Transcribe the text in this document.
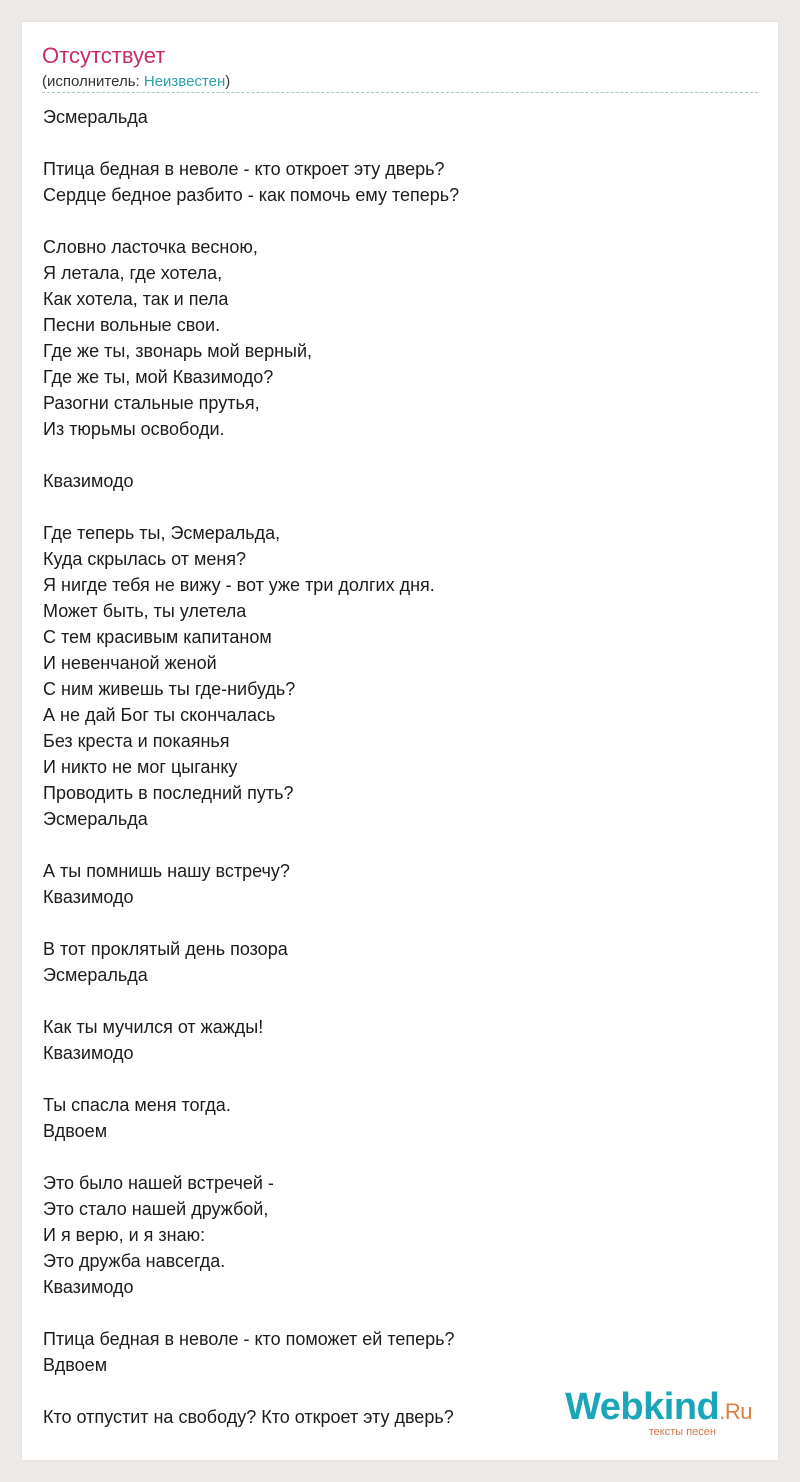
Отсутствует
(исполнитель: Неизвестен)
Эсмеральда
Птица бедная в неволе - кто откроет эту дверь?
Сердце бедное разбито - как помочь ему теперь?
Словно ласточка весною,
Я летала, где хотела,
Как хотела, так и пела
Песни вольные свои.
Где же ты, звонарь мой верный,
Где же ты, мой Квазимодо?
Разогни стальные прутья,
Из тюрьмы освободи.
Квазимодо
Где теперь ты, Эсмеральда,
Куда скрылась от меня?
Я нигде тебя не вижу - вот уже три долгих дня.
Может быть, ты улетела
С тем красивым капитаном
И невенчаной женой
С ним живешь ты где-нибудь?
А не дай Бог ты скончалась
Без креста и покаянья
И никто не мог цыганку
Проводить в последний путь?
Эсмеральда
А ты помнишь нашу встречу?
Квазимодо
В тот проклятый день позора
Эсмеральда
Как ты мучился от жажды!
Квазимодо
Ты спасла меня тогда.
Вдвоем
Это было нашей встречей -
Это стало нашей дружбой,
И я верю, и я знаю:
Это дружба навсегда.
Квазимодо
Птица бедная в неволе - кто поможет ей теперь?
Вдвоем
Кто отпустит на свободу? Кто откроет эту дверь?	Webkind.Ru
тексты песен
